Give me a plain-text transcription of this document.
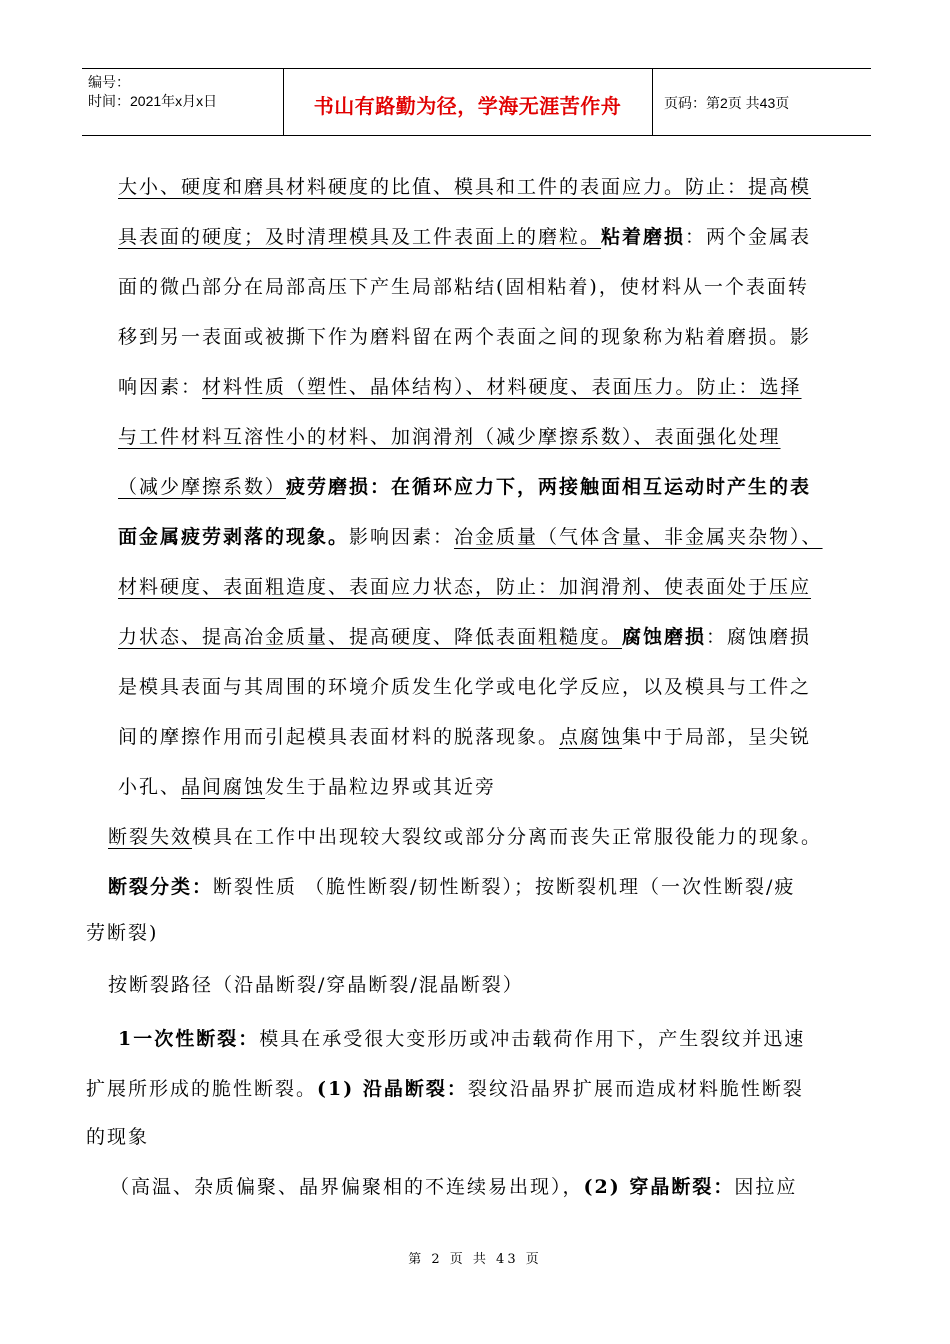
编号：
时间：2021年x月x日	书山有路勤为径，学海无涯苦作舟	页码：第2页 共43页
大小、硬度和磨具材料硬度的比值、模具和工件的表面应力。防止：提高模
具表面的硬度；及时清理模具及工件表面上的磨粒。粘着磨损：两个金属表
面的微凸部分在局部高压下产生局部粘结(固相粘着)，使材料从一个表面转
移到另一表面或被撕下作为磨料留在两个表面之间的现象称为粘着磨损。影
响因素：材料性质（塑性、晶体结构）、材料硬度、表面压力。防止：选择
与工件材料互溶性小的材料、加润滑剂（减少摩擦系数）、表面强化处理
（减少摩擦系数）疲劳磨损：在循环应力下，两接触面相互运动时产生的表
面金属疲劳剥落的现象。影响因素：冶金质量（气体含量、非金属夹杂物）、
材料硬度、表面粗造度、表面应力状态，防止：加润滑剂、使表面处于压应
力状态、提高冶金质量、提高硬度、降低表面粗糙度。腐蚀磨损：腐蚀磨损
是模具表面与其周围的环境介质发生化学或电化学反应，以及模具与工件之
间的摩擦作用而引起模具表面材料的脱落现象。点腐蚀集中于局部，呈尖锐
小孔、晶间腐蚀发生于晶粒边界或其近旁
断裂失效模具在工作中出现较大裂纹或部分分离而丧失正常服役能力的现象。
断裂分类：断裂性质 （脆性断裂/韧性断裂）；按断裂机理（一次性断裂/疲
劳断裂)
按断裂路径（沿晶断裂/穿晶断裂/混晶断裂）
1一次性断裂：模具在承受很大变形历或冲击载荷作用下，产生裂纹并迅速
扩展所形成的脆性断裂。(1) 沿晶断裂：裂纹沿晶界扩展而造成材料脆性断裂
的现象
（高温、杂质偏聚、晶界偏聚相的不连续易出现），(2) 穿晶断裂：因拉应
第 2 页 共 43 页
